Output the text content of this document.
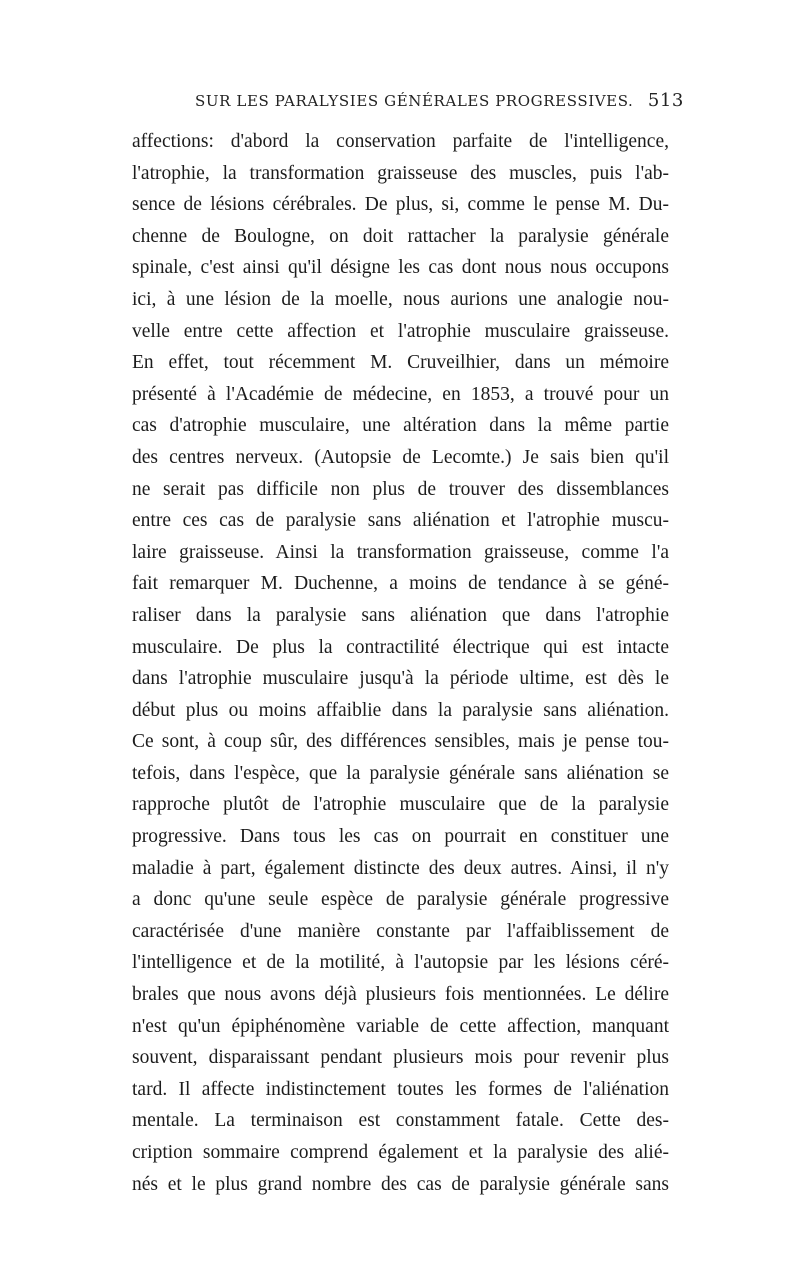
SUR LES PARALYSIES GÉNÉRALES PROGRESSIVES. 513
affections: d'abord la conservation parfaite de l'intelligence,
l'atrophie, la transformation graisseuse des muscles, puis l'ab-
sence de lésions cérébrales. De plus, si, comme le pense M. Du-
chenne de Boulogne, on doit rattacher la paralysie générale
spinale, c'est ainsi qu'il désigne les cas dont nous nous occupons
ici, à une lésion de la moelle, nous aurions une analogie nou-
velle entre cette affection et l'atrophie musculaire graisseuse.
En effet, tout récemment M. Cruveilhier, dans un mémoire
présenté à l'Académie de médecine, en 1853, a trouvé pour un
cas d'atrophie musculaire, une altération dans la même partie
des centres nerveux. (Autopsie de Lecomte.) Je sais bien qu'il
ne serait pas difficile non plus de trouver des dissemblances
entre ces cas de paralysie sans aliénation et l'atrophie muscu-
laire graisseuse. Ainsi la transformation graisseuse, comme l'a
fait remarquer M. Duchenne, a moins de tendance à se géné-
raliser dans la paralysie sans aliénation que dans l'atrophie
musculaire. De plus la contractilité électrique qui est intacte
dans l'atrophie musculaire jusqu'à la période ultime, est dès le
début plus ou moins affaiblie dans la paralysie sans aliénation.
Ce sont, à coup sûr, des différences sensibles, mais je pense tou-
tefois, dans l'espèce, que la paralysie générale sans aliénation se
rapproche plutôt de l'atrophie musculaire que de la paralysie
progressive. Dans tous les cas on pourrait en constituer une
maladie à part, également distincte des deux autres. Ainsi, il n'y
a donc qu'une seule espèce de paralysie générale progressive
caractérisée d'une manière constante par l'affaiblissement de
l'intelligence et de la motilité, à l'autopsie par les lésions céré-
brales que nous avons déjà plusieurs fois mentionnées. Le délire
n'est qu'un épiphénomène variable de cette affection, manquant
souvent, disparaissant pendant plusieurs mois pour revenir plus
tard. Il affecte indistinctement toutes les formes de l'aliénation
mentale. La terminaison est constamment fatale. Cette des-
cription sommaire comprend également et la paralysie des alié-
nés et le plus grand nombre des cas de paralysie générale sans
